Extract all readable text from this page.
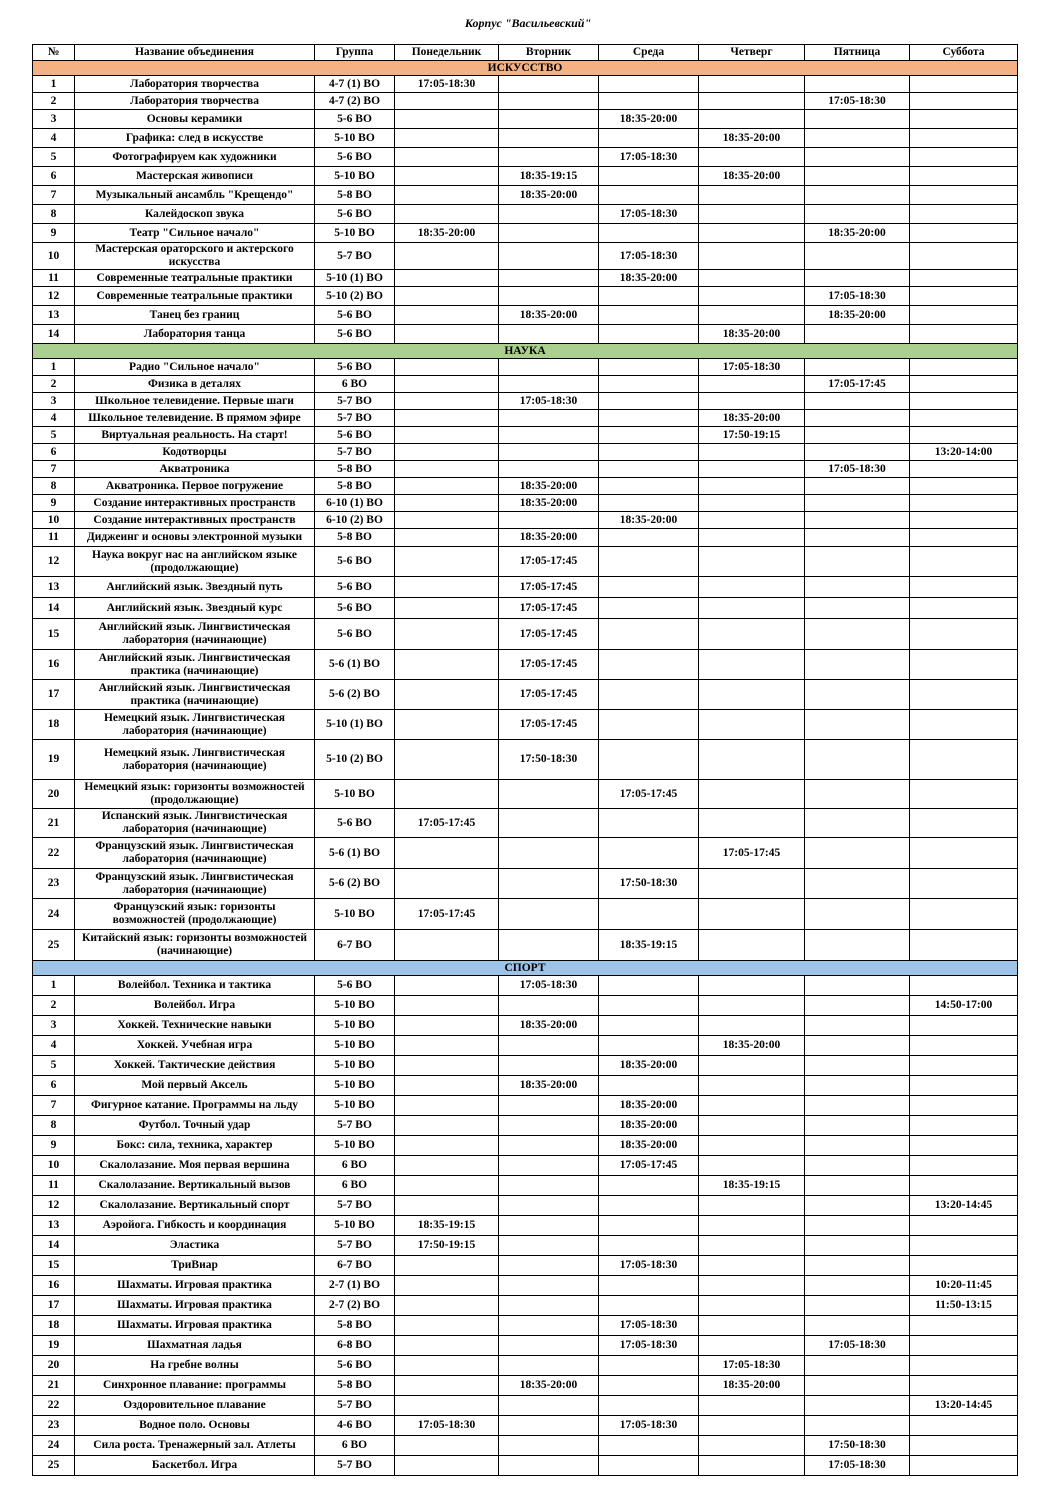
Корпус "Васильевский"
№	Название объединения	Группа	Понедельник	Вторник	Среда	Четверг	Пятница	Суббота
ИСКУССТВО								
1	Лаборатория творчества	4-7 (1) ВО	17:05-18:30					
2	Лаборатория творчества	4-7 (2) ВО					17:05-18:30	
3	Основы керамики	5-6 ВО			18:35-20:00			
4	Графика: след в искусстве	5-10 ВО				18:35-20:00		
5	Фотографируем как художники	5-6 ВО			17:05-18:30			
6	Мастерская живописи	5-10 ВО		18:35-19:15		18:35-20:00		
7	Музыкальный ансамбль "Крещендо"	5-8 ВО		18:35-20:00				
8	Калейдоскоп звука	5-6 ВО			17:05-18:30			
9	Театр "Сильное начало"	5-10 ВО	18:35-20:00				18:35-20:00	
10	Мастерская ораторского и актерского искусства	5-7 ВО			17:05-18:30			
11	Современные театральные практики	5-10 (1) ВО			18:35-20:00			
12	Современные театральные практики	5-10 (2) ВО					17:05-18:30	
13	Танец без границ	5-6 ВО		18:35-20:00			18:35-20:00	
14	Лаборатория танца	5-6 ВО				18:35-20:00		
НАУКА								
1	Радио "Сильное начало"	5-6 ВО				17:05-18:30		
2	Физика в деталях	6 ВО					17:05-17:45	
3	Школьное телевидение. Первые шаги	5-7 ВО		17:05-18:30				
4	Школьное телевидение. В прямом эфире	5-7 ВО				18:35-20:00		
5	Виртуальная реальность. На старт!	5-6 ВО				17:50-19:15		
6	Кодотворцы	5-7 ВО						13:20-14:00
7	Акватроника	5-8 ВО					17:05-18:30	
8	Акватроника. Первое погружение	5-8 ВО		18:35-20:00				
9	Создание интерактивных пространств	6-10 (1) ВО		18:35-20:00				
10	Создание интерактивных пространств	6-10 (2) ВО			18:35-20:00			
11	Диджеинг и основы электронной музыки	5-8 ВО		18:35-20:00				
12	Наука вокруг нас на английском языке (продолжающие)	5-6 ВО		17:05-17:45				
13	Английский язык. Звездный путь	5-6 ВО		17:05-17:45				
14	Английский язык. Звездный курс	5-6 ВО		17:05-17:45				
15	Английский язык. Лингвистическая лаборатория (начинающие)	5-6 ВО		17:05-17:45				
16	Английский язык. Лингвистическая практика (начинающие)	5-6 (1) ВО		17:05-17:45				
17	Английский язык. Лингвистическая практика (начинающие)	5-6 (2) ВО		17:05-17:45				
18	Немецкий язык. Лингвистическая лаборатория (начинающие)	5-10 (1) ВО		17:05-17:45				
19	Немецкий язык. Лингвистическая лаборатория (начинающие)	5-10 (2) ВО		17:50-18:30				
20	Немецкий язык: горизонты возможностей (продолжающие)	5-10 ВО			17:05-17:45			
21	Испанский язык. Лингвистическая лаборатория (начинающие)	5-6 ВО	17:05-17:45					
22	Французский язык. Лингвистическая лаборатория (начинающие)	5-6 (1) ВО				17:05-17:45		
23	Французский язык. Лингвистическая лаборатория (начинающие)	5-6 (2) ВО			17:50-18:30			
24	Французский язык: горизонты возможностей (продолжающие)	5-10 ВО	17:05-17:45					
25	Китайский язык: горизонты возможностей (начинающие)	6-7 ВО			18:35-19:15			
СПОРТ								
1	Волейбол. Техника и тактика	5-6 ВО		17:05-18:30				
2	Волейбол. Игра	5-10 ВО						14:50-17:00
3	Хоккей. Технические навыки	5-10 ВО		18:35-20:00				
4	Хоккей. Учебная игра	5-10 ВО				18:35-20:00		
5	Хоккей. Тактические действия	5-10 ВО			18:35-20:00			
6	Мой первый Аксель	5-10 ВО		18:35-20:00				
7	Фигурное катание. Программы на льду	5-10 ВО			18:35-20:00			
8	Футбол. Точный удар	5-7 ВО			18:35-20:00			
9	Бокс: сила, техника, характер	5-10 ВО			18:35-20:00			
10	Скалолазание. Моя первая вершина	6 ВО			17:05-17:45			
11	Скалолазание. Вертикальный вызов	6 ВО				18:35-19:15		
12	Скалолазание. Вертикальный спорт	5-7 ВО						13:20-14:45
13	Аэройога. Гибкость и координация	5-10 ВО	18:35-19:15					
14	Эластика	5-7 ВО	17:50-19:15					
15	ТриВиар	6-7 ВО			17:05-18:30			
16	Шахматы. Игровая практика	2-7 (1) ВО						10:20-11:45
17	Шахматы. Игровая практика	2-7 (2) ВО						11:50-13:15
18	Шахматы. Игровая практика	5-8 ВО			17:05-18:30			
19	Шахматная ладья	6-8 ВО			17:05-18:30		17:05-18:30	
20	На гребне волны	5-6 ВО				17:05-18:30		
21	Синхронное плавание: программы	5-8 ВО		18:35-20:00		18:35-20:00		
22	Оздоровительное плавание	5-7 ВО						13:20-14:45
23	Водное поло. Основы	4-6 ВО	17:05-18:30		17:05-18:30			
24	Сила роста. Тренажерный зал. Атлеты	6 ВО					17:50-18:30	
25	Баскетбол. Игра	5-7 ВО					17:05-18:30	
